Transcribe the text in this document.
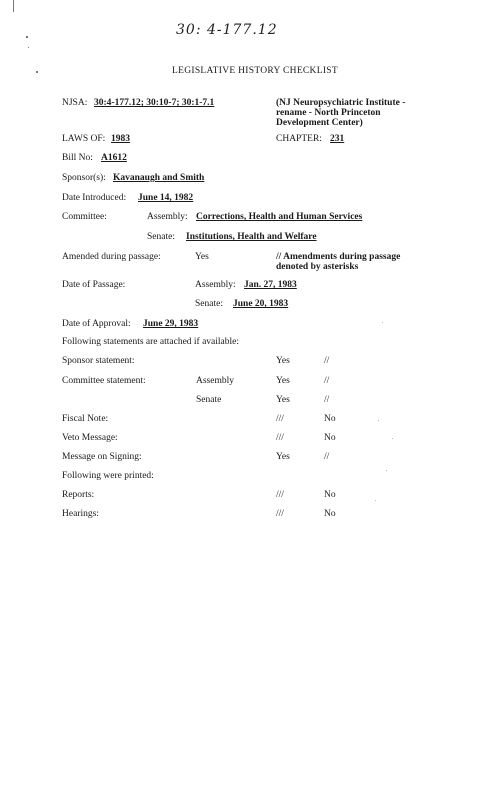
30: 4-177.12
LEGISLATIVE HISTORY CHECKLIST
NJSA: 30:4-177.12; 30:10-7; 30:1-7.1	(NJ Neuropsychiatric Institute -
rename - North Princeton
Development Center)
LAWS OF: 1983	CHAPTER: 231
Bill No: A1612
Sponsor(s): Kavanaugh and Smith
Date Introduced: June 14, 1982
Committee:	Assembly: Corrections, Health and Human Services
Senate: Institutions, Health and Welfare
Amended during passage:	Yes	// Amendments during passage
denoted by asterisks
Date of Passage:	Assembly: Jan. 27, 1983
Senate: June 20, 1983
Date of Approval: June 29, 1983
Following statements are attached if available:
Sponsor statement:	Yes	//
Committee statement:	Assembly	Yes	//
Senate	Yes	//
Fiscal Note:	///	No
Veto Message:	///	No
Message on Signing:	Yes	//
Following were printed:
Reports:	///	No
Hearings:	///	No
